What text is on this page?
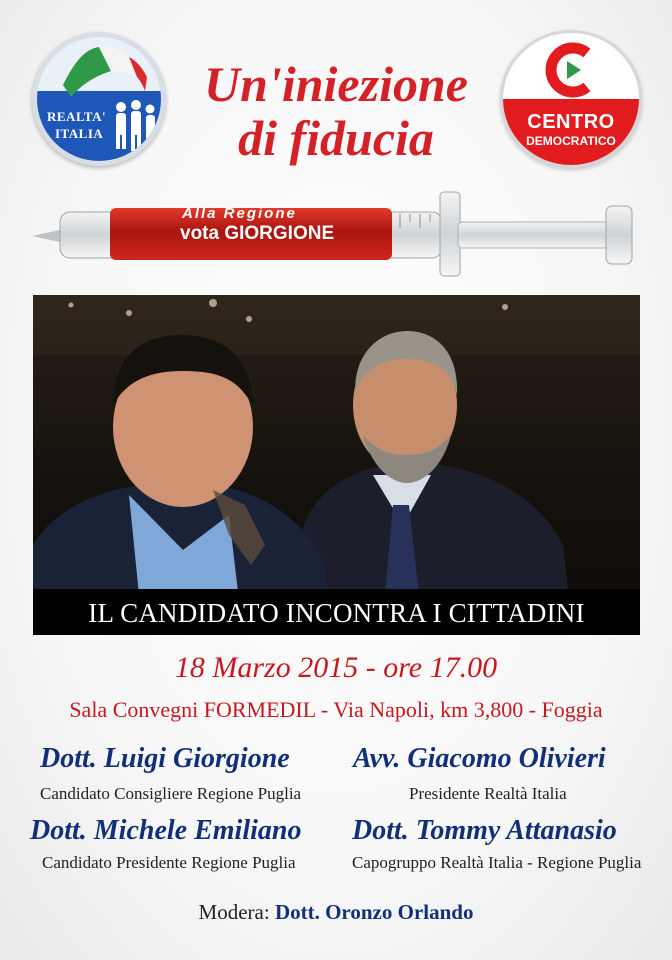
REALTA'
ITALIA
CENTRO
DEMOCRATICO
Un'iniezione
di fiducia
Alla Regione
vota GIORGIONE
IL CANDIDATO INCONTRA I CITTADINI
18 Marzo 2015 - ore 17.00
Sala Convegni FORMEDIL - Via Napoli, km 3,800 - Foggia
Dott. Luigi Giorgione
Candidato Consigliere Regione Puglia
Avv. Giacomo Olivieri
Presidente Realtà Italia
Dott. Michele Emiliano
Candidato Presidente Regione Puglia
Dott. Tommy Attanasio
Capogruppo Realtà Italia - Regione Puglia
Modera: Dott. Oronzo Orlando
